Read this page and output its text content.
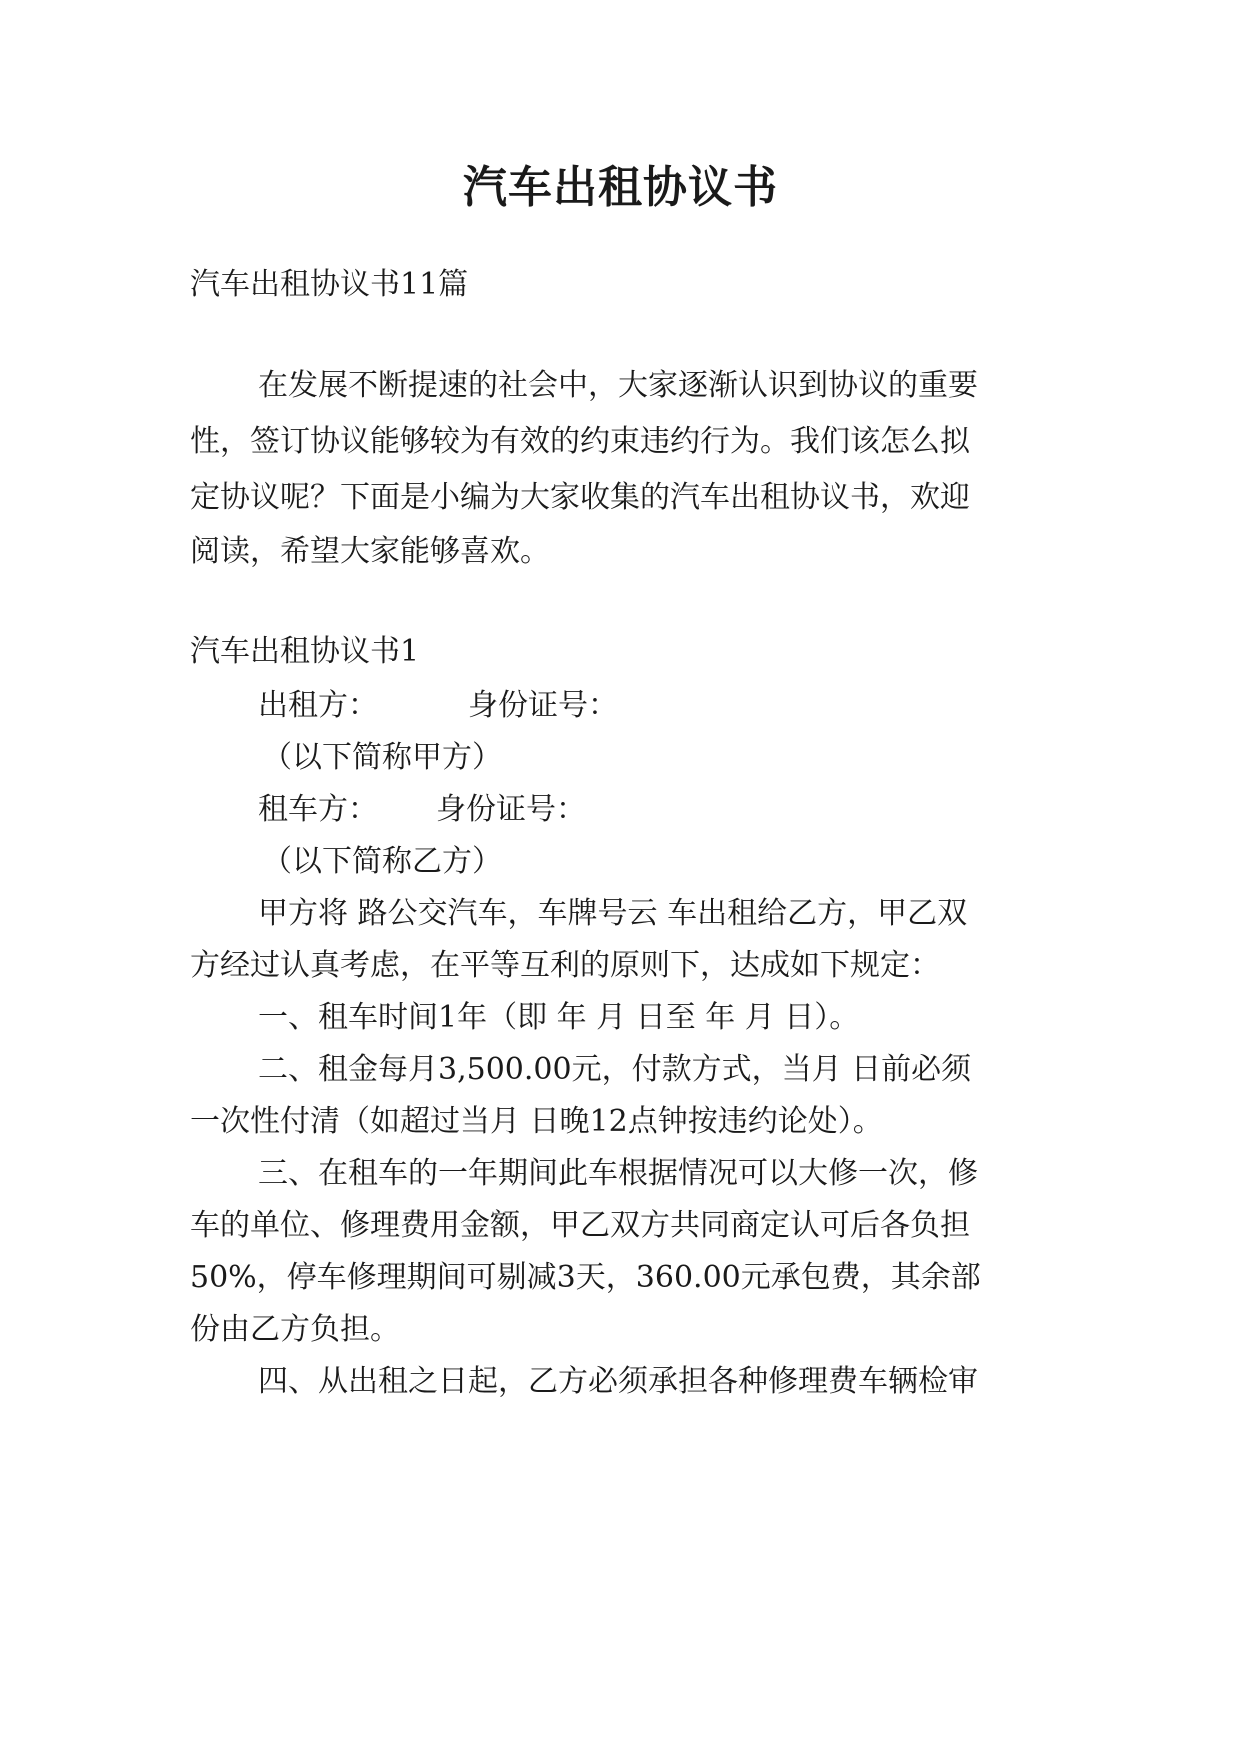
汽车出租协议书
汽车出租协议书11篇
在发展不断提速的社会中，大家逐渐认识到协议的重要
性，签订协议能够较为有效的约束违约行为。我们该怎么拟
定协议呢？下面是小编为大家收集的汽车出租协议书，欢迎
阅读，希望大家能够喜欢。
汽车出租协议书1
出租方：	身份证号：
（以下简称甲方）
租车方： 身份证号：
（以下简称乙方）
甲方将 路公交汽车，车牌号云 车出租给乙方，甲乙双
方经过认真考虑，在平等互利的原则下，达成如下规定：
一、租车时间1年（即 年 月 日至 年 月 日）。
二、租金每月3,500.00元，付款方式，当月 日前必须
一次性付清（如超过当月 日晚12点钟按违约论处）。
三、在租车的一年期间此车根据情况可以大修一次，修
车的单位、修理费用金额，甲乙双方共同商定认可后各负担
50%，停车修理期间可剔减3天，360.00元承包费，其余部
份由乙方负担。
四、从出租之日起，乙方必须承担各种修理费车辆检审
